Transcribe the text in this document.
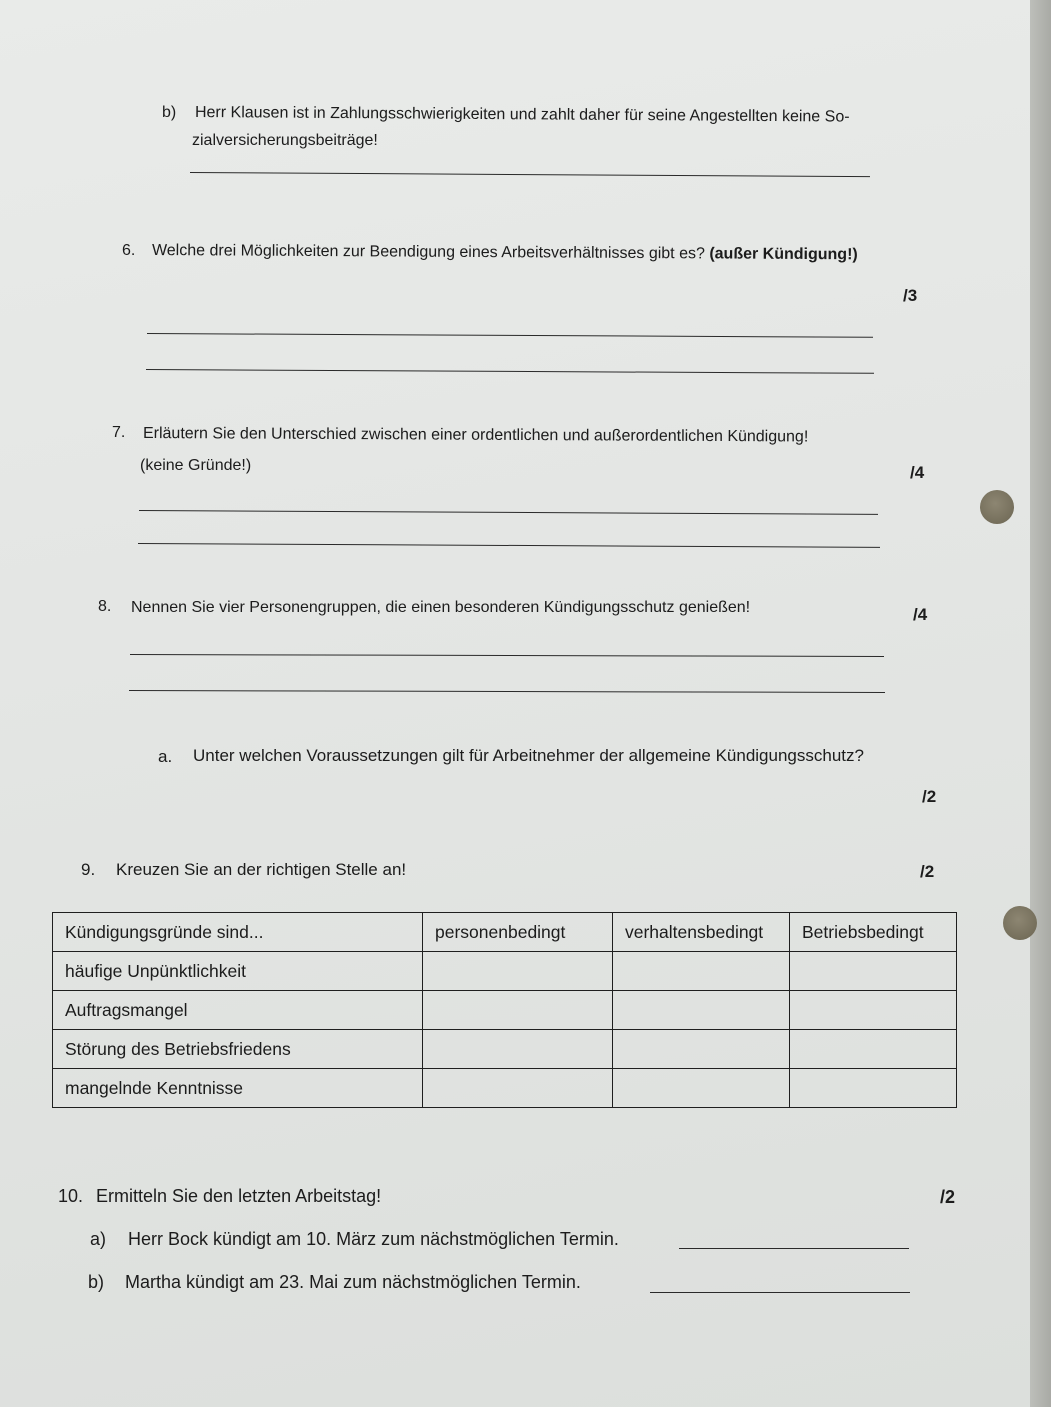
b) Herr Klausen ist in Zahlungsschwierigkeiten und zahlt daher für seine Angestellten keine So-
zialversicherungsbeiträge!
6. Welche drei Möglichkeiten zur Beendigung eines Arbeitsverhältnisses gibt es? (außer Kündigung!)
/3
7. Erläutern Sie den Unterschied zwischen einer ordentlichen und außerordentlichen Kündigung!
(keine Gründe!)	/4
8. Nennen Sie vier Personengruppen, die einen besonderen Kündigungsschutz genießen!	/4
a. Unter welchen Voraussetzungen gilt für Arbeitnehmer der allgemeine Kündigungsschutz?
/2
9. Kreuzen Sie an der richtigen Stelle an!	/2
Kündigungsgründe sind...	personenbedingt	verhaltensbedingt	Betriebsbedingt
häufige Unpünktlichkeit			
Auftragsmangel			
Störung des Betriebsfriedens			
mangelnde Kenntnisse			
10. Ermitteln Sie den letzten Arbeitstag!	/2
a) Herr Bock kündigt am 10. März zum nächstmöglichen Termin.
b) Martha kündigt am 23. Mai zum nächstmöglichen Termin.
